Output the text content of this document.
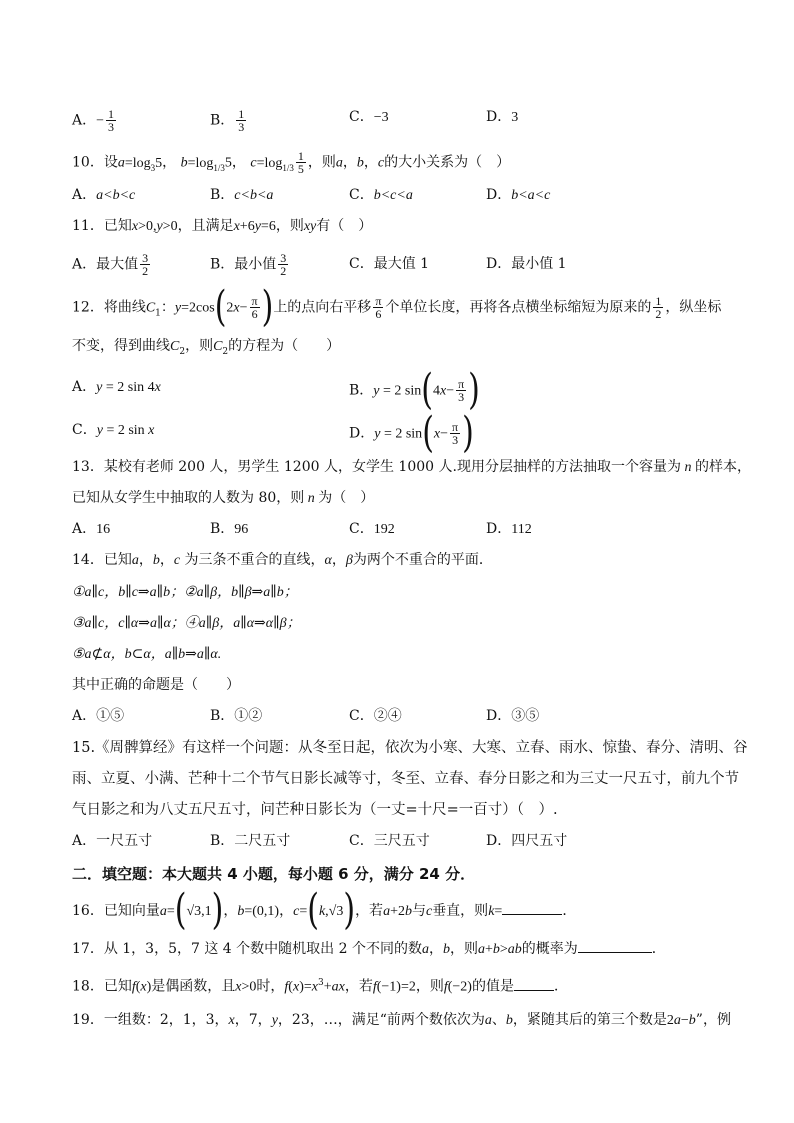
A．− $\frac{1}{3}$	B． $\frac{1}{3}$	C．−3	D．3
10．设$a=\log_35$， $b=\log_{1/3}5$， $c=\log_{1/3} \frac{1}{5}$ ，则a，b，c的大小关系为（　）
A．a<b<c	B．c<b<a	C．b<c<a	D．b<a<c
11．已知x>0,y>0，且满足x+6y=6，则xy有（　）
A．最大值 $\frac{3}{2}$	B．最小值 $\frac{3}{2}$	C．最大值 1	D．最小值 1
12．将曲线$C_1$：$y=2\cos(2x- \frac{\pi}{6}$ )上的点向右平移 $\frac{\pi}{6}$ 个单位长度，再将各点横坐标缩短为原来的 $\frac{1}{2}$ ，纵坐标
不变，得到曲线$C_2$，则$C_2$的方程为（　　）
A．y = 2 sin 4x	B．y = 2 $\sin(4x- \frac{\pi}{3}$ )
C．y = 2 sin x	D．y = 2 $\sin(x- \frac{\pi}{3}$ )
13．某校有老师 200 人，男学生 1200 人，女学生 1000 人.现用分层抽样的方法抽取一个容量为 n 的样本，
已知从女学生中抽取的人数为 80，则 n 为（　）
A．16	B．96	C．192	D．112
14．已知a，b，c 为三条不重合的直线，α，β为两个不重合的平面．
①a∥c，b∥c⇒a∥b；②a∥β，b∥β⇒a∥b；
③a∥c，c∥α⇒a∥α；④a∥β，a∥α⇒α∥β；
⑤a⊄α，b⊂α，a∥b⇒a∥α.
其中正确的命题是（　　）
A．①⑤	B．①②	C．②④	D．③⑤
15.《周髀算经》有这样一个问题：从冬至日起，依次为小寒、大寒、立春、雨水、惊蛰、春分、清明、谷
雨、立夏、小满、芒种十二个节气日影长减等寸，冬至、立春、春分日影之和为三丈一尺五寸，前九个节
气日影之和为八丈五尺五寸，问芒种日影长为（一丈=十尺=一百寸）（　）.
A．一尺五寸	B．二尺五寸	C．三尺五寸	D．四尺五寸
二．填空题：本大题共 4 小题，每小题 6 分，满分 24 分．
16．已知向量a=(√3,1)，b=(0,1)，c=(k,√3)，若a+2b与c垂直，则k=	．
17．从 1，3，5，7 这 4 个数中随机取出 2 个不同的数a，b，则a+b>ab的概率为	．
18．已知f(x)是偶函数，且x>0时，$f(x)=x^3+ax$，若f(−1)=2，则f(−2)的值是	．
19．一组数：2，1，3，x，7，y，23，…，满足“前两个数依次为a、b，紧随其后的第三个数是2a−b”，例
